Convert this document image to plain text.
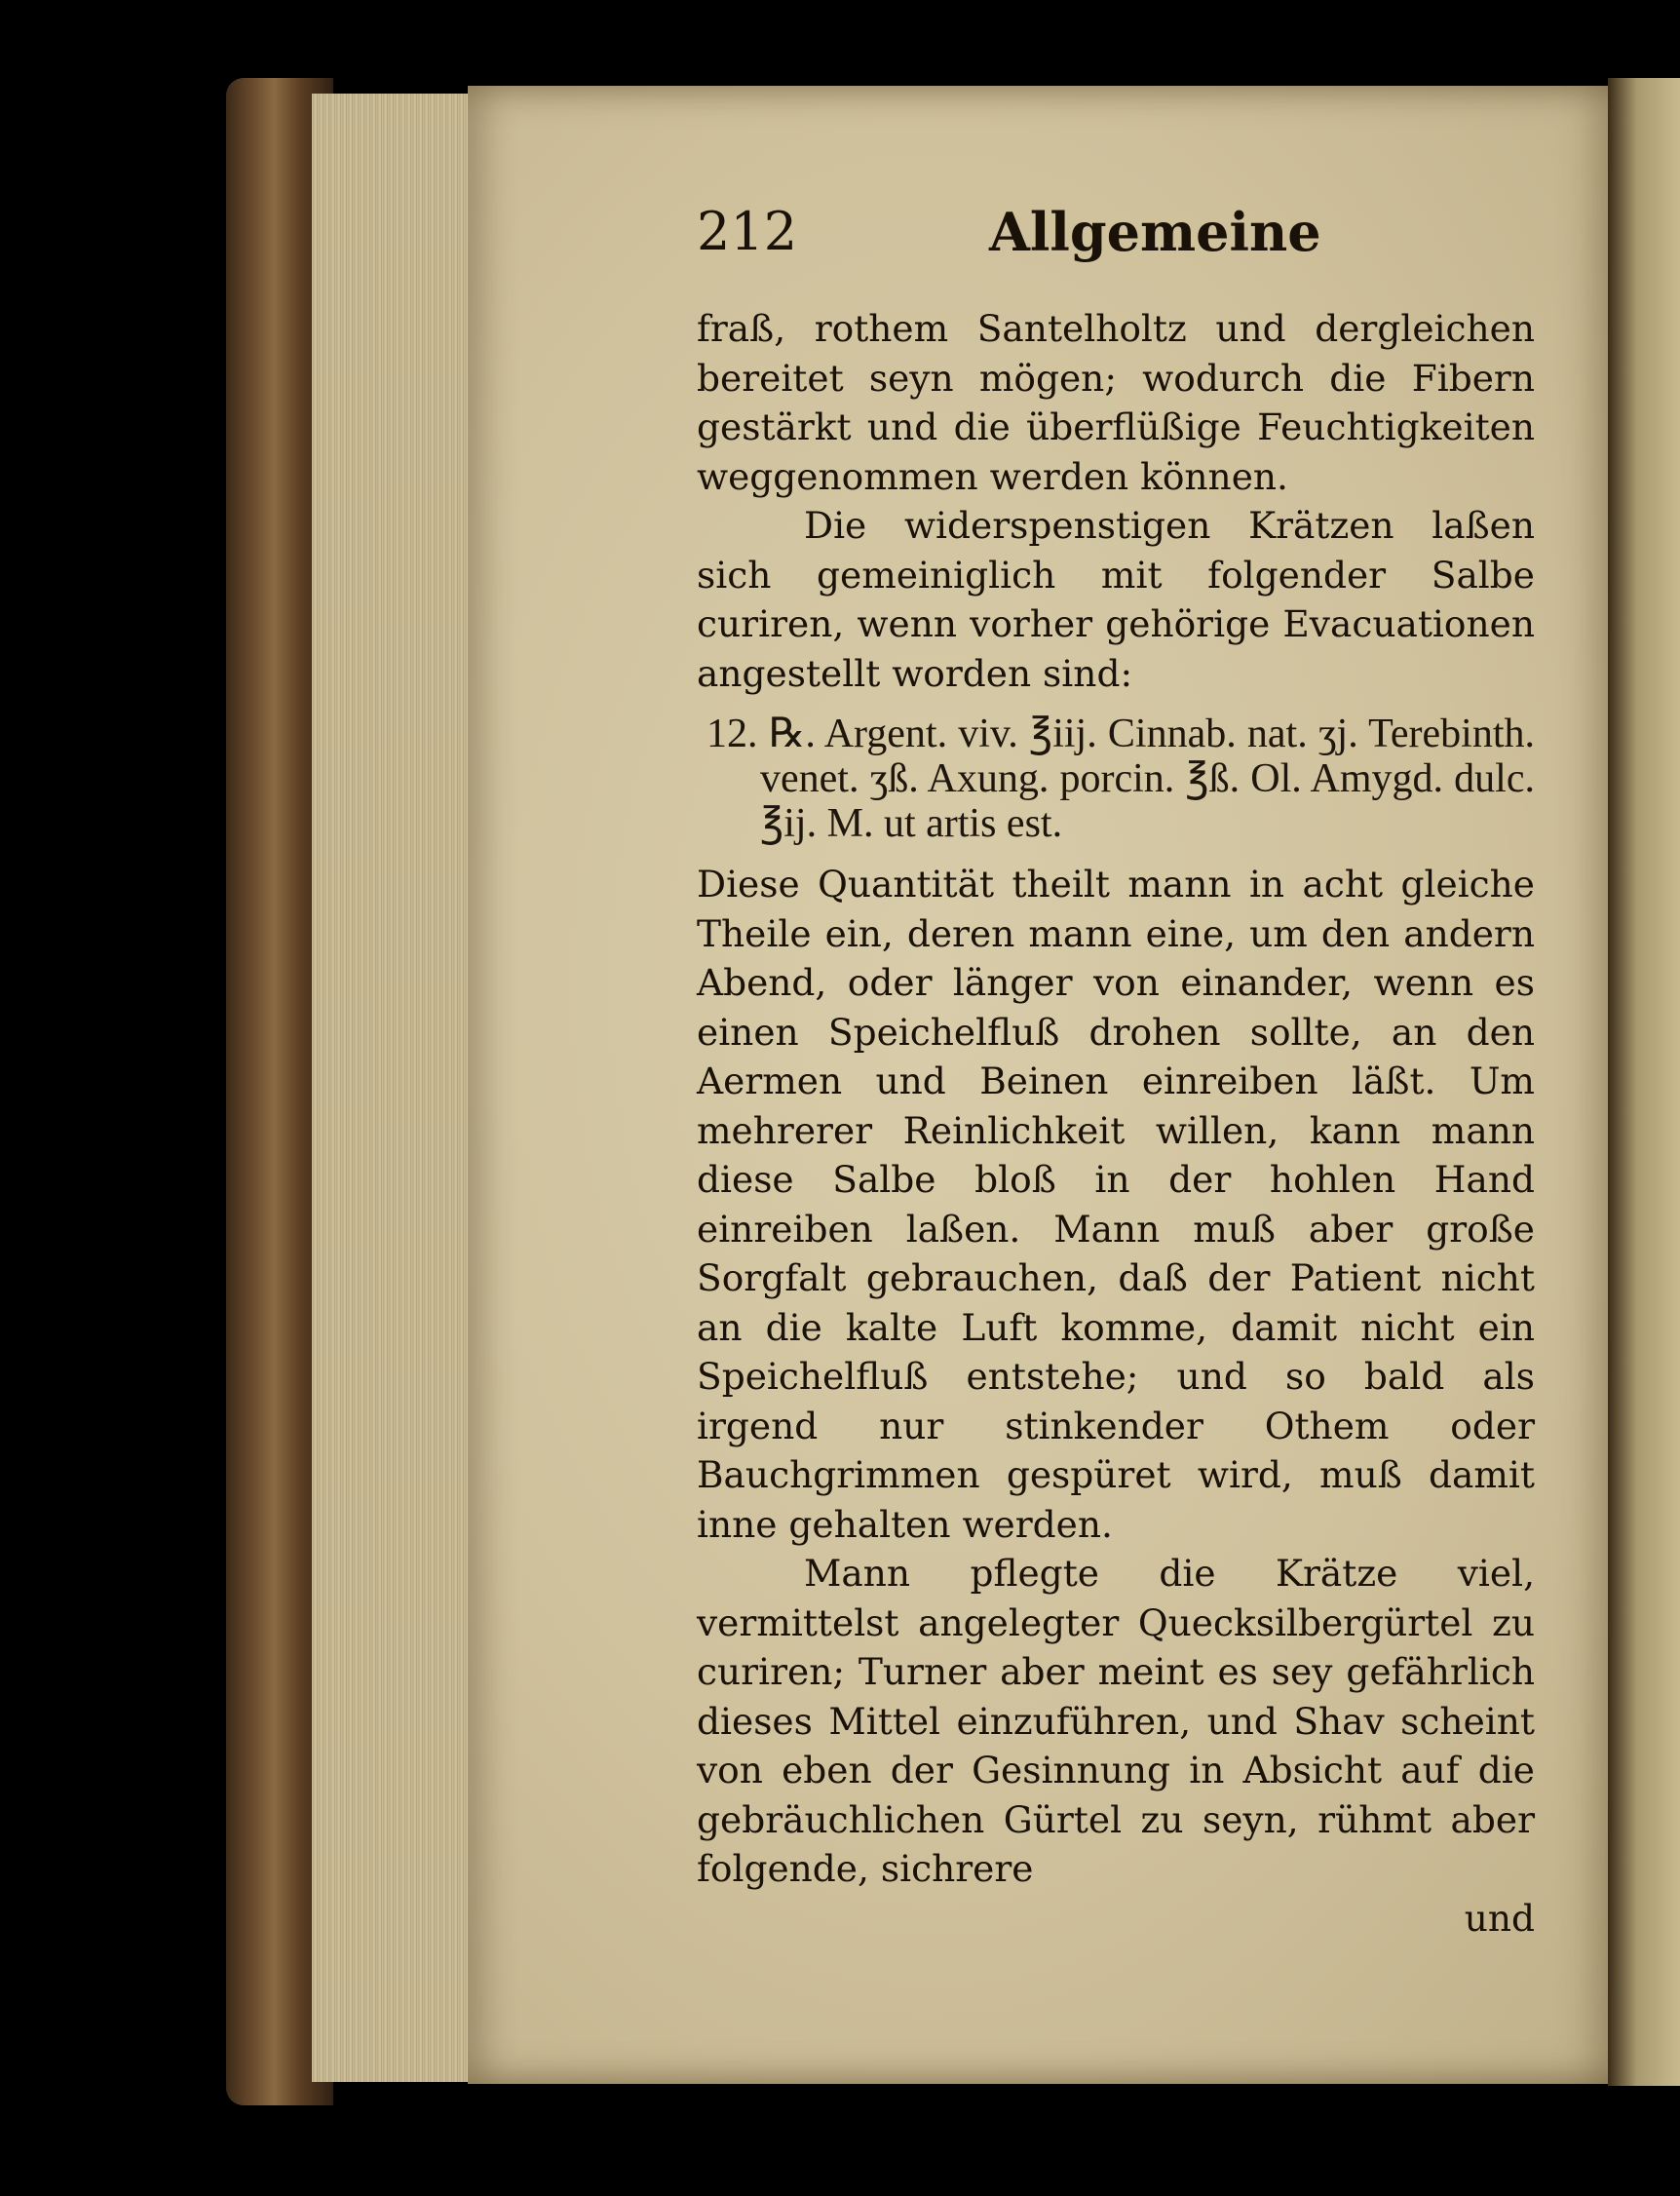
212	Allgemeine

fraß, rothem Santelholtz und dergleichen bereitet seyn mögen; wodurch die Fibern gestärkt und die überflüßige Feuchtigkeiten weggenommen werden können.

Die widerspenstigen Krätzen laßen sich gemeiniglich mit folgender Salbe curiren, wenn vorher gehörige Evacuationen angestellt worden sind:

12. ℞. Argent. viv. ℥iij. Cinnab. nat. ʒj. Terebinth. venet. ʒß. Axung. porcin. ℥ß. Ol. Amygd. dulc. ℥ij. M. ut artis est.

Diese Quantität theilt mann in acht gleiche Theile ein, deren mann eine, um den andern Abend, oder länger von einander, wenn es einen Speichelfluß drohen sollte, an den Aermen und Beinen einreiben läßt. Um mehrerer Reinlichkeit willen, kann mann diese Salbe bloß in der hohlen Hand einreiben laßen. Mann muß aber große Sorgfalt gebrauchen, daß der Patient nicht an die kalte Luft komme, damit nicht ein Speichelfluß entstehe; und so bald als irgend nur stinkender Othem oder Bauchgrimmen gespüret wird, muß damit inne gehalten werden.

Mann pflegte die Krätze viel, vermittelst angelegter Quecksilbergürtel zu curiren; Turner aber meint es sey gefährlich dieses Mittel einzuführen, und Shav scheint von eben der Gesinnung in Absicht auf die gebräuchlichen Gürtel zu seyn, rühmt aber folgende, sichrere

und
